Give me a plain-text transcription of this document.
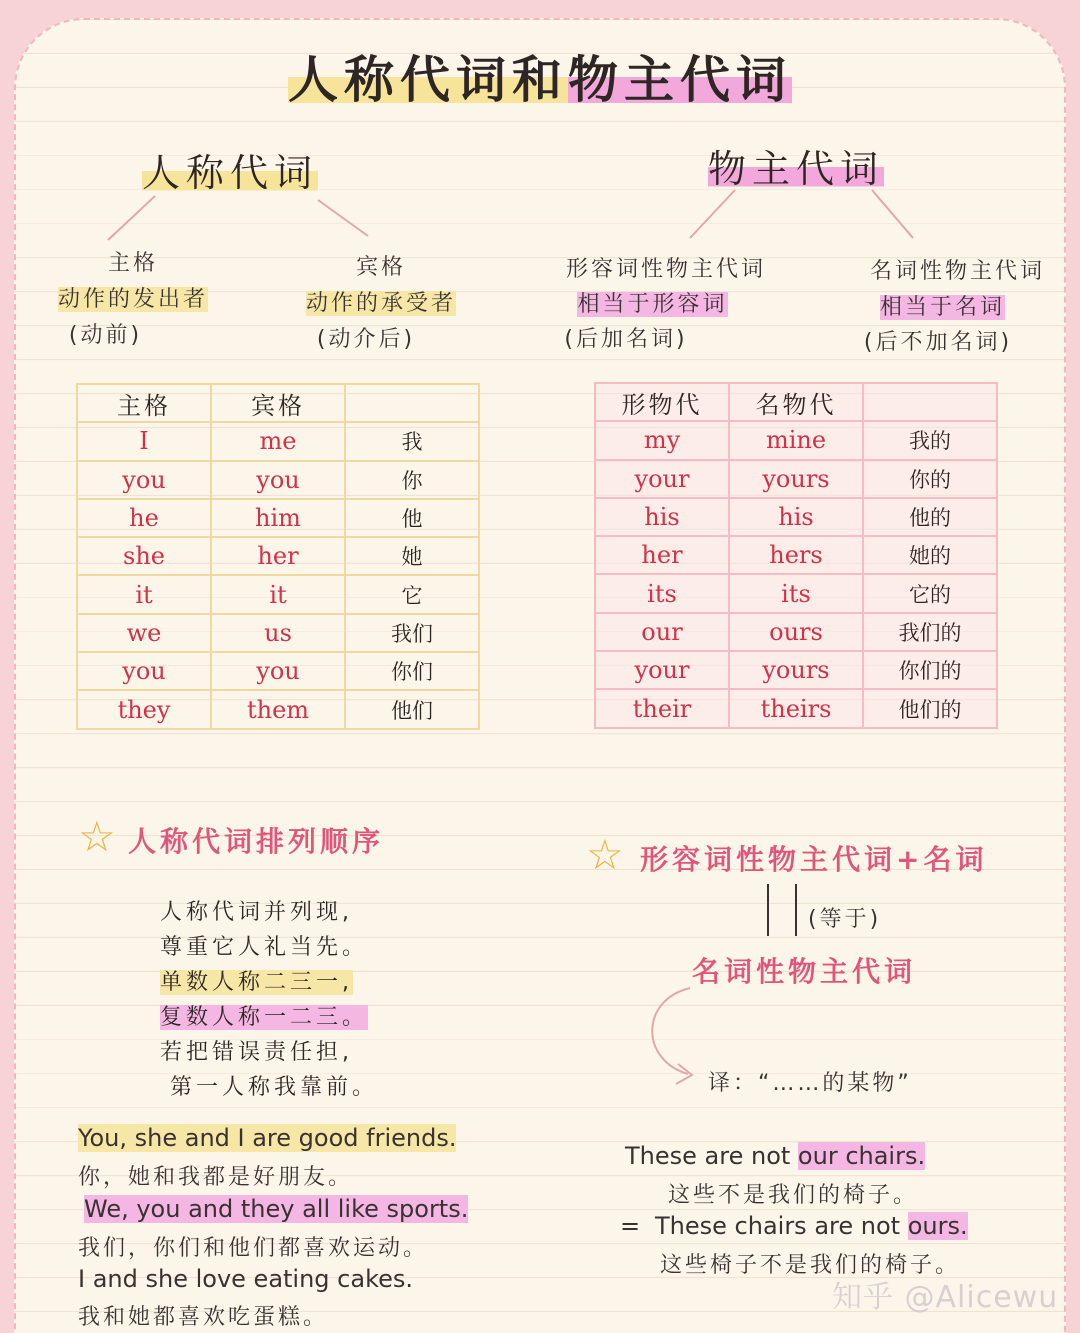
人称代词和物主代词
人称代词	物主代词
主格
动作的发出者
(动前)
宾格
动作的承受者
(动介后)
形容词性物主代词
相当于形容词
(后加名词)
名词性物主代词
相当于名词
(后不加名词)
主格	宾格	
I	me	我
you	you	你
he	him	他
she	her	她
it	it	它
we	us	我们
you	you	你们
they	them	他们
形物代	名物代	
my	mine	我的
your	yours	你的
his	his	他的
her	hers	她的
its	its	它的
our	ours	我们的
your	yours	你们的
their	theirs	他们的
☆ 人称代词排列顺序
人称代词并列现,
尊重它人礼当先。
单数人称二三一,
复数人称一二三。
若把错误责任担,
第一人称我靠前。
You, she and I are good friends.
你，她和我都是好朋友。
We, you and they all like sports.
我们，你们和他们都喜欢运动。
I and she love eating cakes.
我和她都喜欢吃蛋糕。
☆ 形容词性物主代词+名词
(等于)
名词性物主代词
译：“……的某物”
These are not our chairs.
这些不是我们的椅子。
= These chairs are not ours.
这些椅子不是我们的椅子。
知乎 @Alicewu
